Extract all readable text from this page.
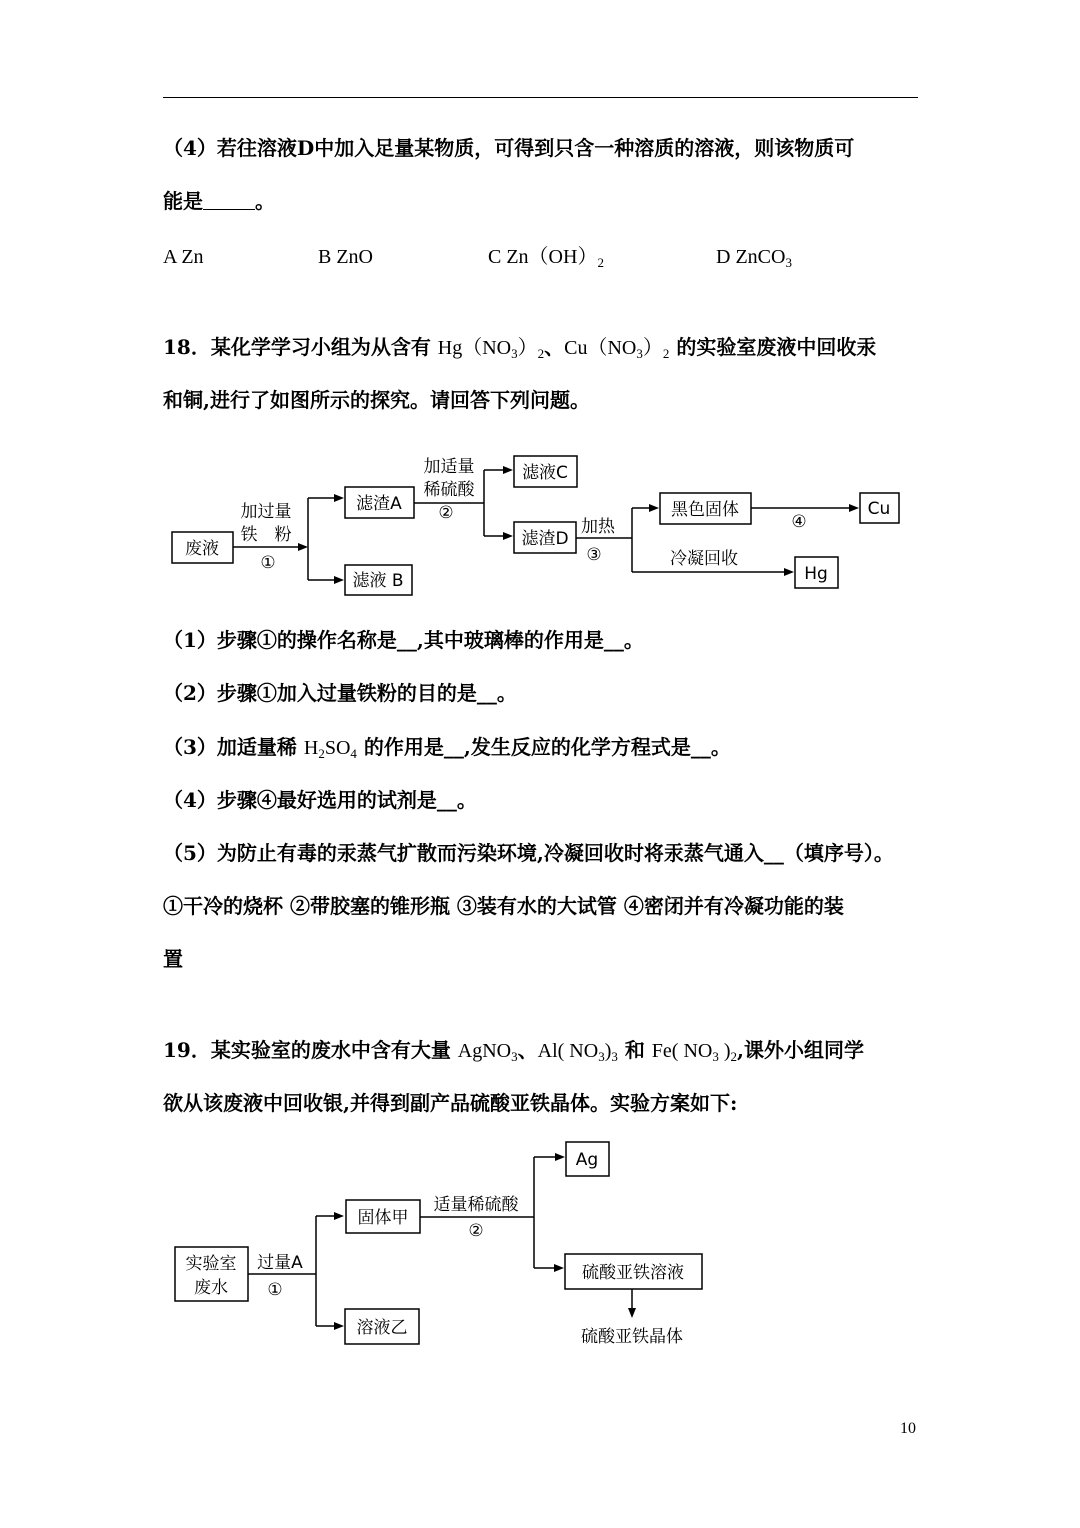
（4）若往溶液D中加入足量某物质，可得到只含一种溶质的溶液，则该物质可
能是	。
A Zn	B ZnO	C $Zn(OH)_2$	D ZnCO$_3$
18．某化学学习小组为从含有 $Hg(NO_3)_2$、$Cu(NO_3)_2$ 的实验室废液中回收汞
和铜,进行了如图所示的探究。请回答下列问题。
废液
加过量
铁　粉
①
滤渣A
滤液 B
加适量
稀硫酸
②
滤液C
滤渣D
加热
③
黑色固体
④
Cu
冷凝回收
Hg
（1）步骤①的操作名称是__,其中玻璃棒的作用是__。
（2）步骤①加入过量铁粉的目的是__。
（3）加适量稀 $H_2SO_4$ 的作用是__,发生反应的化学方程式是__。
（4）步骤④最好选用的试剂是__。
（5）为防止有毒的汞蒸气扩散而污染环境,冷凝回收时将汞蒸气通入__（填序号）。
①干冷的烧杯 ②带胶塞的锥形瓶 ③装有水的大试管 ④密闭并有冷凝功能的装
置
19．某实验室的废水中含有大量 AgNO$_3$、Al( $NO_3)_3$ 和 Fe( $NO_3$ )$_2$,课外小组同学
欲从该废液中回收银,并得到副产品硫酸亚铁晶体。实验方案如下:
实验室
废水
过量A
①
固体甲
溶液乙
适量稀硫酸
②
Ag
硫酸亚铁溶液
硫酸亚铁晶体
10
